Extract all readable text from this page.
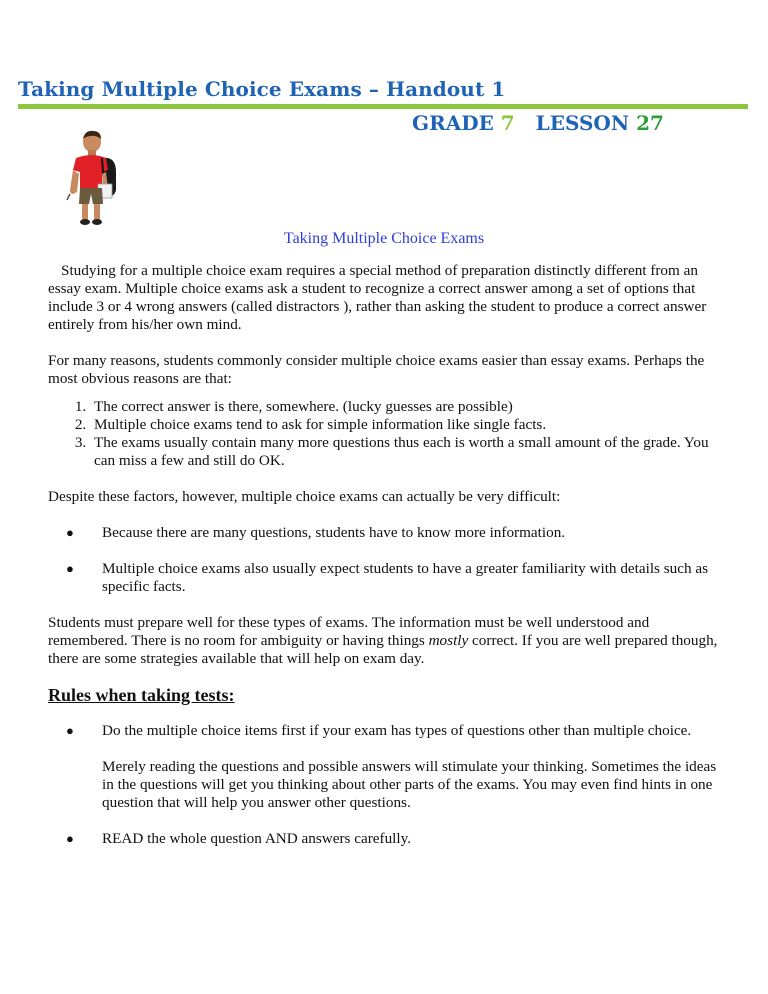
Taking Multiple Choice Exams – Handout 1
GRADE 7 LESSON 27
Taking Multiple Choice Exams

Studying for a multiple choice exam requires a special method of preparation distinctly different from an essay exam. Multiple choice exams ask a student to recognize a correct answer among a set of options that include 3 or 4 wrong answers (called distractors ), rather than asking the student to produce a correct answer entirely from his/her own mind.

For many reasons, students commonly consider multiple choice exams easier than essay exams. Perhaps the most obvious reasons are that:

1. The correct answer is there, somewhere. (lucky guesses are possible)
2. Multiple choice exams tend to ask for simple information like single facts.
3. The exams usually contain many more questions thus each is worth a small amount of the grade. You can miss a few and still do OK.

Despite these factors, however, multiple choice exams can actually be very difficult:

● Because there are many questions, students have to know more information.
● Multiple choice exams also usually expect students to have a greater familiarity with details such as specific facts.

Students must prepare well for these types of exams. The information must be well understood and remembered. There is no room for ambiguity or having things mostly correct. If you are well prepared though, there are some strategies available that will help on exam day.

Rules when taking tests:

● Do the multiple choice items first if your exam has types of questions other than multiple choice.
Merely reading the questions and possible answers will stimulate your thinking. Sometimes the ideas in the questions will get you thinking about other parts of the exams. You may even find hints in one question that will help you answer other questions.
● READ the whole question AND answers carefully.
